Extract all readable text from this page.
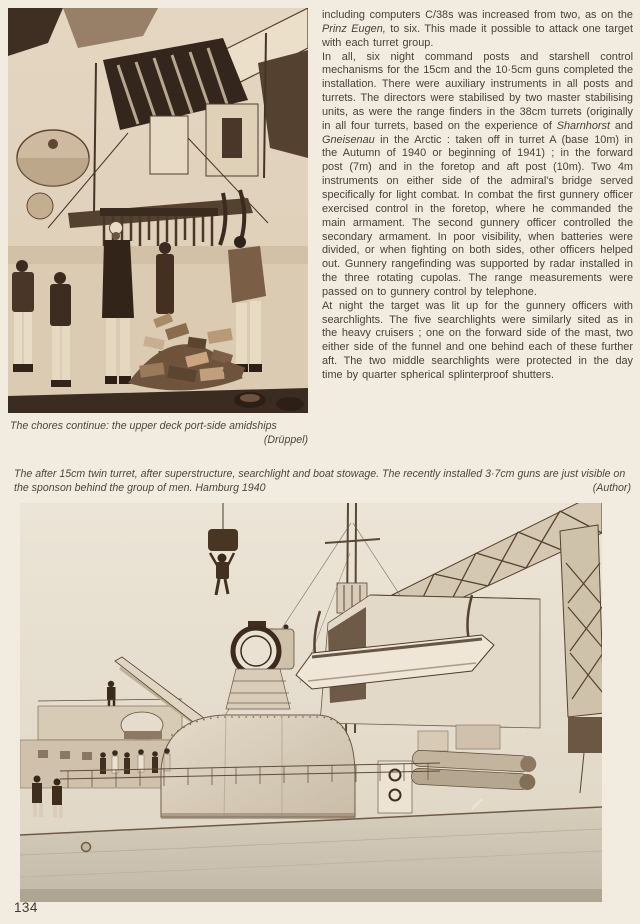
The chores continue: the upper deck port-side amidships
(Drüppel)

including computers C/38s was increased from two, as on the Prinz Eugen, to six. This made it possible to attack one target with each turret group.

In all, six night command posts and starshell control mechanisms for the 15cm and the 10·5cm guns completed the installation. There were auxiliary instruments in all posts and turrets. The directors were stabilised by two master stabilising units, as were the range finders in the 38cm turrets (originally in all four turrets, based on the experience of Sharnhorst and Gneisenau in the Arctic : taken off in turret A (base 10m) in the Autumn of 1940 or beginning of 1941) ; in the forward post (7m) and in the foretop and aft post (10m). Two 4m instruments on either side of the admiral's bridge served specifically for light combat. In combat the first gunnery officer exercised control in the foretop, where he commanded the main armament. The second gunnery officer controlled the secondary armament. In poor visibility, when batteries were divided, or when fighting on both sides, other officers helped out. Gunnery rangefinding was supported by radar installed in the three rotating cupolas. The range measurements were passed on to gunnery control by telephone.

At night the target was lit up for the gunnery officers with searchlights. The five searchlights were similarly sited as in the heavy cruisers ; one on the forward side of the mast, two either side of the funnel and one behind each of these further aft. The two middle searchlights were protected in the day time by quarter spherical splinterproof shutters.

The after 15cm twin turret, after superstructure, searchlight and boat stowage. The recently installed 3·7cm guns are just visible on the sponson behind the group of men. Hamburg 1940	(Author)
134
